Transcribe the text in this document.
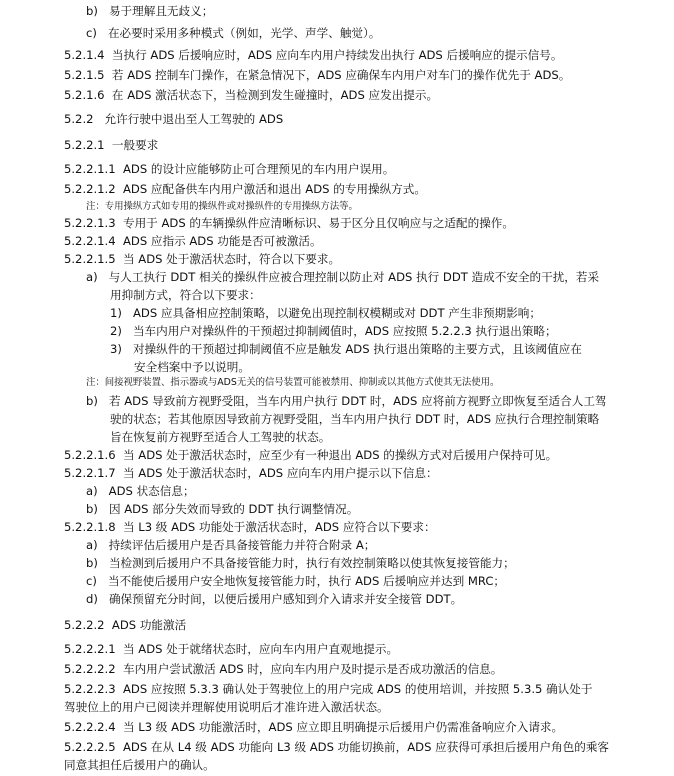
b)   易于理解且无歧义；
c)   在必要时采用多种模式（例如，光学、声学、触觉）。
5.2.1.4  当执行 ADS 后援响应时，ADS 应向车内用户持续发出执行 ADS 后援响应的提示信号。
5.2.1.5  若 ADS 控制车门操作，在紧急情况下，ADS 应确保车内用户对车门的操作优先于 ADS。
5.2.1.6  在 ADS 激活状态下，当检测到发生碰撞时，ADS 应发出提示。
5.2.2   允许行驶中退出至人工驾驶的 ADS
5.2.2.1  一般要求
5.2.2.1.1  ADS 的设计应能够防止可合理预见的车内用户误用。
5.2.2.1.2  ADS 应配备供车内用户激活和退出 ADS 的专用操纵方式。
注：专用操纵方式如专用的操纵件或对操纵件的专用操纵方法等。
5.2.2.1.3  专用于 ADS 的车辆操纵件应清晰标识、易于区分且仅响应与之适配的操作。
5.2.2.1.4  ADS 应指示 ADS 功能是否可被激活。
5.2.2.1.5  当 ADS 处于激活状态时，符合以下要求。
a)   与人工执行 DDT 相关的操纵件应被合理控制以防止对 ADS 执行 DDT 造成不安全的干扰，若采
用抑制方式，符合以下要求：
1)   ADS 应具备相应控制策略，以避免出现控制权模糊或对 DDT 产生非预期影响；
2)   当车内用户对操纵件的干预超过抑制阈值时，ADS 应按照 5.2.2.3 执行退出策略；
3)   对操纵件的干预超过抑制阈值不应是触发 ADS 执行退出策略的主要方式，且该阈值应在
安全档案中予以说明。
注：间接视野装置、指示器或与ADS无关的信号装置可能被禁用、抑制或以其他方式使其无法使用。
b)   若 ADS 导致前方视野受阻，当车内用户执行 DDT 时，ADS 应将前方视野立即恢复至适合人工驾
驶的状态；若其他原因导致前方视野受阻，当车内用户执行 DDT 时，ADS 应执行合理控制策略
旨在恢复前方视野至适合人工驾驶的状态。
5.2.2.1.6  当 ADS 处于激活状态时，应至少有一种退出 ADS 的操纵方式对后援用户保持可见。
5.2.2.1.7  当 ADS 处于激活状态时，ADS 应向车内用户提示以下信息：
a)   ADS 状态信息；
b)   因 ADS 部分失效而导致的 DDT 执行调整情况。
5.2.2.1.8  当 L3 级 ADS 功能处于激活状态时，ADS 应符合以下要求：
a)   持续评估后援用户是否具备接管能力并符合附录 A；
b)   当检测到后援用户不具备接管能力时，执行有效控制策略以使其恢复接管能力；
c)   当不能使后援用户安全地恢复接管能力时，执行 ADS 后援响应并达到 MRC；
d)   确保预留充分时间，以便后援用户感知到介入请求并安全接管 DDT。
5.2.2.2  ADS 功能激活
5.2.2.2.1  当 ADS 处于就绪状态时，应向车内用户直观地提示。
5.2.2.2.2  车内用户尝试激活 ADS 时，应向车内用户及时提示是否成功激活的信息。
5.2.2.2.3  ADS 应按照 5.3.3 确认处于驾驶位上的用户完成 ADS 的使用培训，并按照 5.3.5 确认处于
驾驶位上的用户已阅读并理解使用说明后才准许进入激活状态。
5.2.2.2.4  当 L3 级 ADS 功能激活时，ADS 应立即且明确提示后援用户仍需准备响应介入请求。
5.2.2.2.5  ADS 在从 L4 级 ADS 功能向 L3 级 ADS 功能切换前，ADS 应获得可承担后援用户角色的乘客
同意其担任后援用户的确认。
